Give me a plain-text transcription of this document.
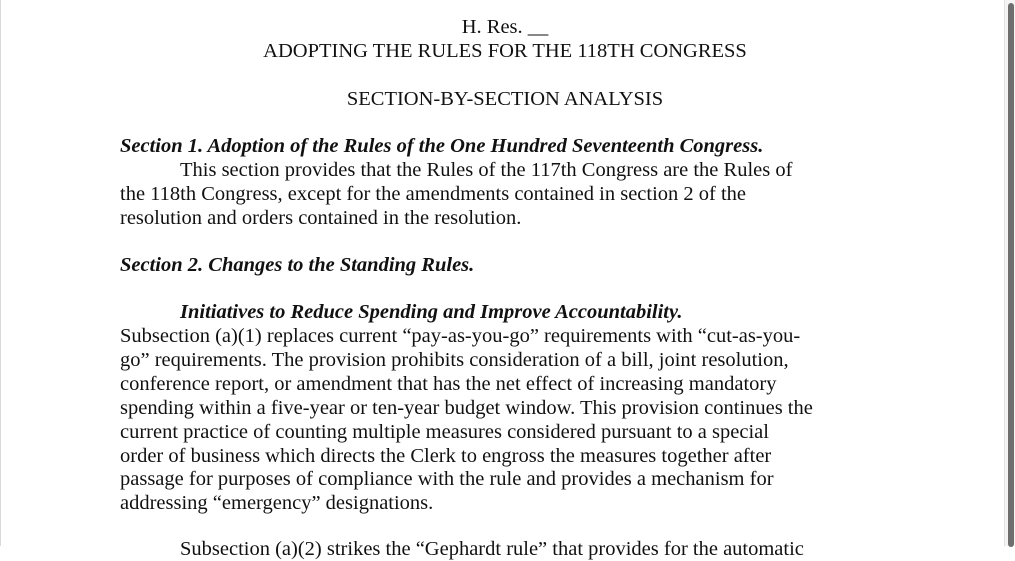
H. Res. __
ADOPTING THE RULES FOR THE 118TH CONGRESS
SECTION-BY-SECTION ANALYSIS
Section 1. Adoption of the Rules of the One Hundred Seventeenth Congress.
This section provides that the Rules of the 117th Congress are the Rules of
the 118th Congress, except for the amendments contained in section 2 of the
resolution and orders contained in the resolution.
Section 2. Changes to the Standing Rules.
Initiatives to Reduce Spending and Improve Accountability.
Subsection (a)(1) replaces current “pay-as-you-go” requirements with “cut-as-you-
go” requirements. The provision prohibits consideration of a bill, joint resolution,
conference report, or amendment that has the net effect of increasing mandatory
spending within a five-year or ten-year budget window. This provision continues the
current practice of counting multiple measures considered pursuant to a special
order of business which directs the Clerk to engross the measures together after
passage for purposes of compliance with the rule and provides a mechanism for
addressing “emergency” designations.
Subsection (a)(2) strikes the “Gephardt rule” that provides for the automatic
